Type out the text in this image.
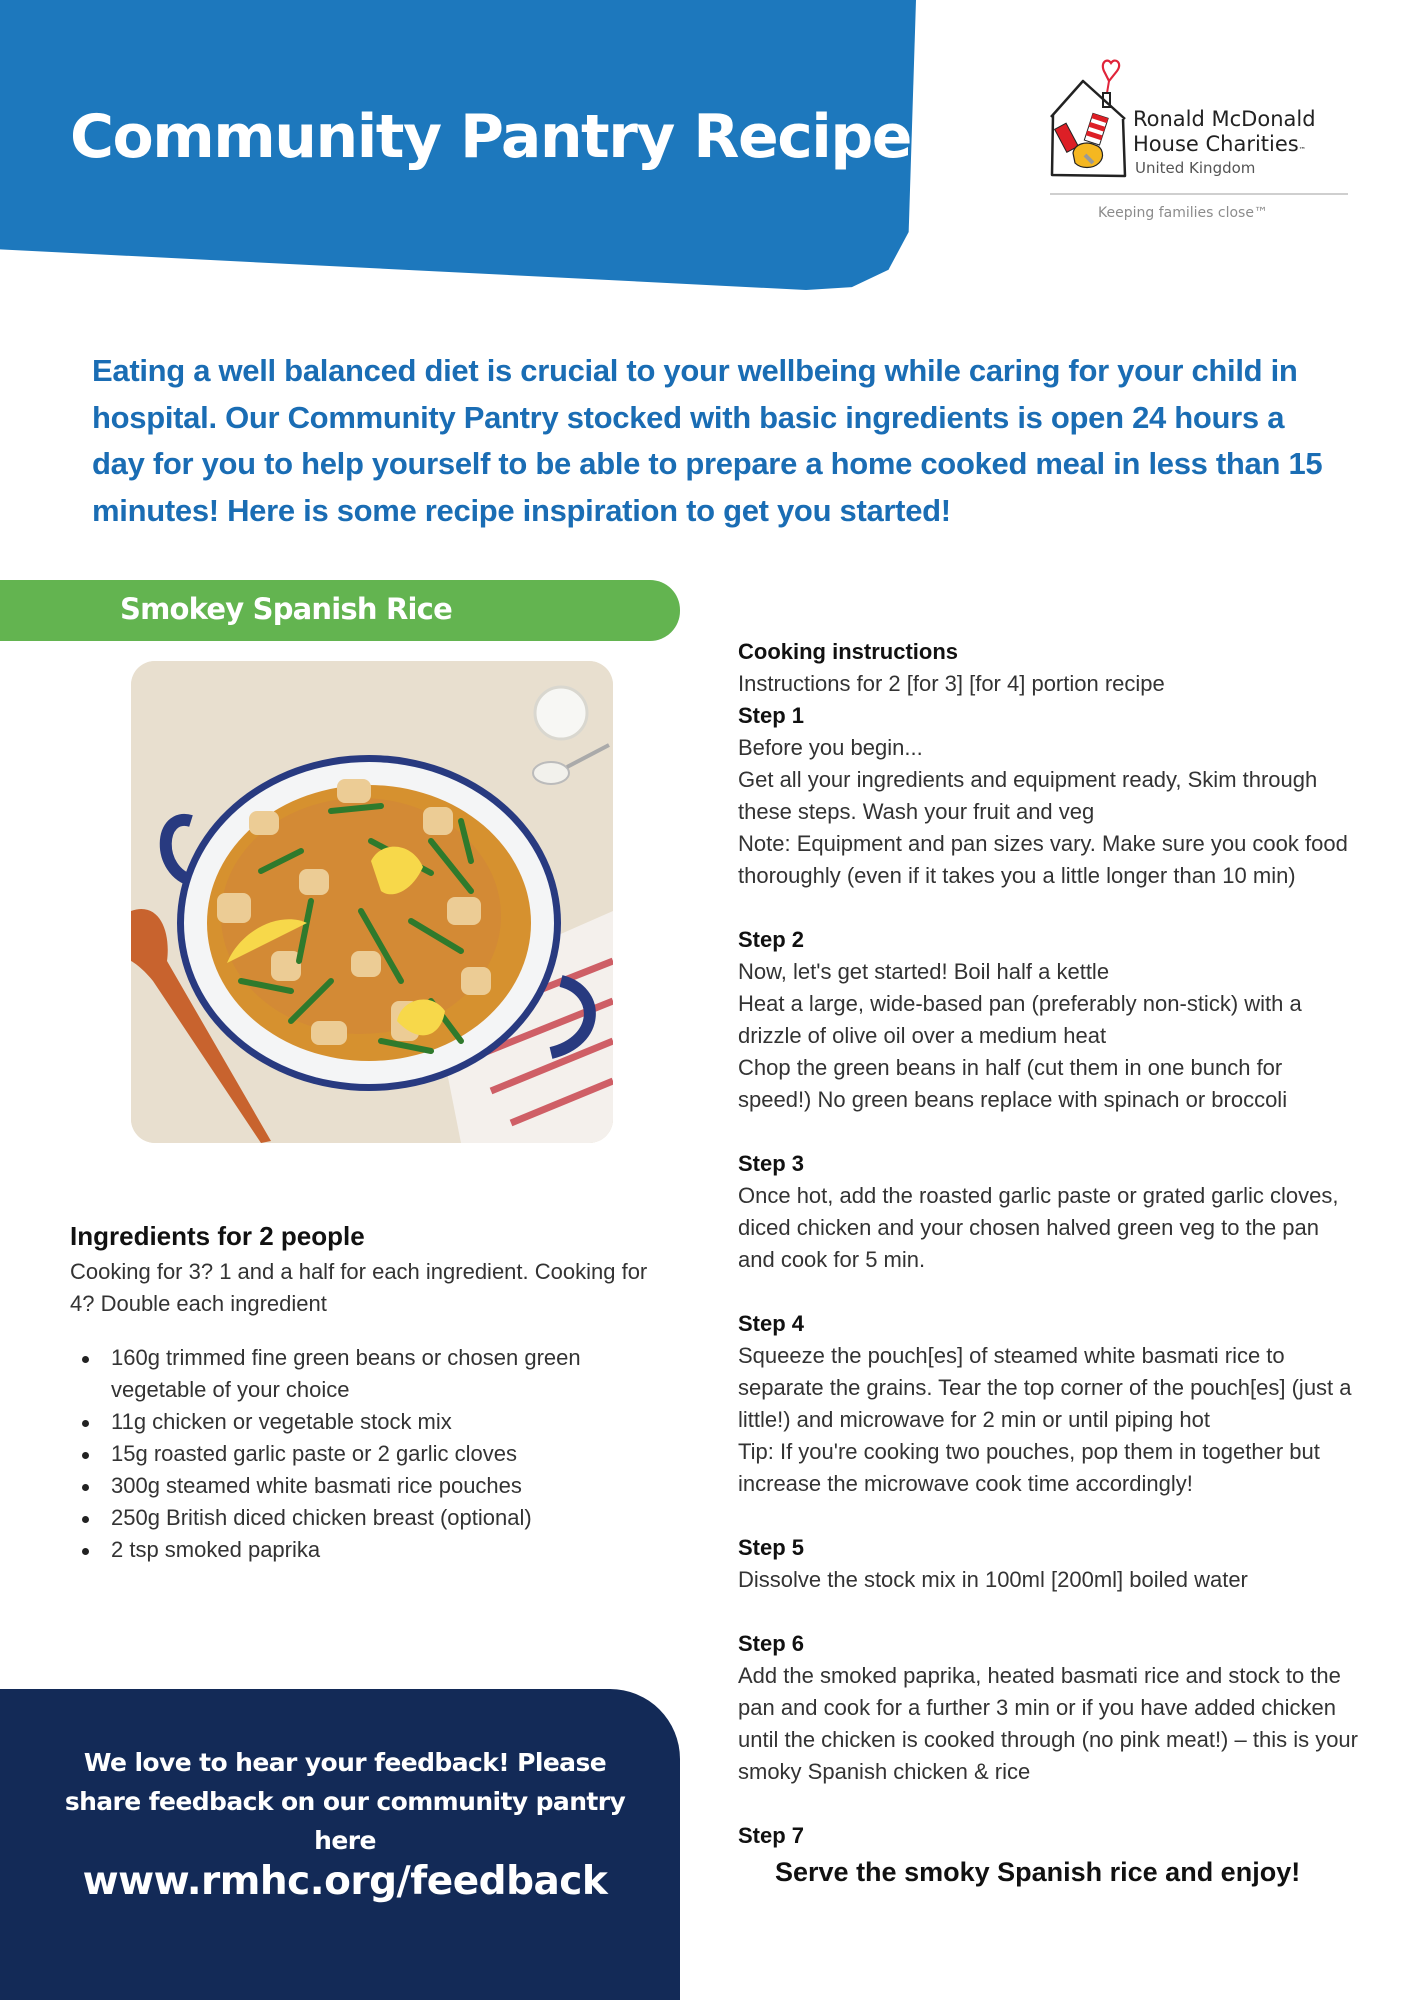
Community Pantry Recipes	Ronald McDonald
House Charities™
United Kingdom
Keeping families close™

Eating a well balanced diet is crucial to your wellbeing while caring for your child in hospital. Our Community Pantry stocked with basic ingredients is open 24 hours a day for you to help yourself to be able to prepare a home cooked meal in less than 15 minutes! Here is some recipe inspiration to get you started!

Smokey Spanish Rice
Ingredients for 2 people

Cooking for 3? 1 and a half for each ingredient. Cooking for 4? Double each ingredient

160g trimmed fine green beans or chosen green vegetable of your choice
11g chicken or vegetable stock mix
15g roasted garlic paste or 2 garlic cloves
300g steamed white basmati rice pouches
250g British diced chicken breast (optional)
2 tsp smoked paprika

We love to hear your feedback! Please share feedback on our community pantry here

www.rmhc.org/feedback
Cooking instructions
Instructions for 2 [for 3] [for 4] portion recipe
Step 1
Before you begin...
Get all your ingredients and equipment ready, Skim through these steps. Wash your fruit and veg
Note: Equipment and pan sizes vary. Make sure you cook food thoroughly (even if it takes you a little longer than 10 min)
Step 2
Now, let's get started! Boil half a kettle
Heat a large, wide-based pan (preferably non-stick) with a drizzle of olive oil over a medium heat
Chop the green beans in half (cut them in one bunch for speed!) No green beans replace with spinach or broccoli
Step 3
Once hot, add the roasted garlic paste or grated garlic cloves, diced chicken and your chosen halved green veg to the pan and cook for 5 min.
Step 4
Squeeze the pouch[es] of steamed white basmati rice to separate the grains. Tear the top corner of the pouch[es] (just a little!) and microwave for 2 min or until piping hot
Tip: If you're cooking two pouches, pop them in together but increase the microwave cook time accordingly!
Step 5
Dissolve the stock mix in 100ml [200ml] boiled water
Step 6
Add the smoked paprika, heated basmati rice and stock to the pan and cook for a further 3 min or if you have added chicken until the chicken is cooked through (no pink meat!) – this is your smoky Spanish chicken & rice
Step 7
Serve the smoky Spanish rice and enjoy!
